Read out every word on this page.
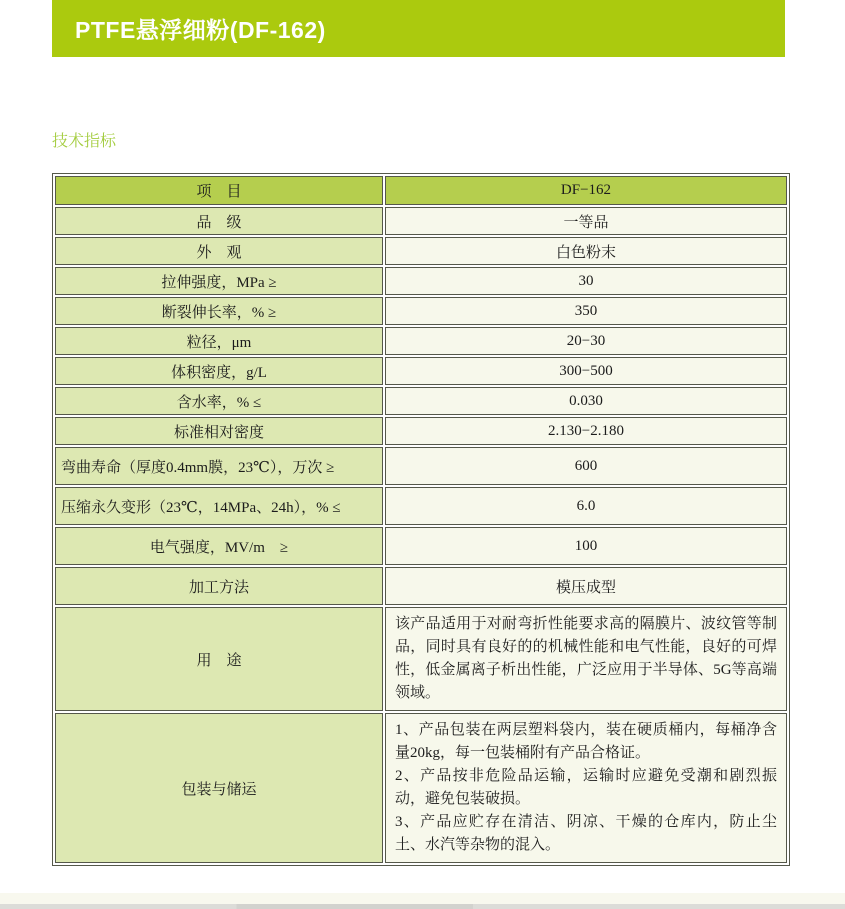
PTFE悬浮细粉(DF-162)
技术指标
项　目	DF−162
品　级	一等品
外　观	白色粉末
拉伸强度，MPa ≥	30
断裂伸长率，% ≥	350
粒径，μm	20−30
体积密度，g/L	300−500
含水率，% ≤	0.030
标准相对密度	2.130−2.180
弯曲寿命（厚度0.4mm膜，23℃），万次 ≥	600
压缩永久变形（23℃，14MPa、24h），% ≤	6.0
电气强度，MV/m　≥	100
加工方法	模压成型
用　途	该产品适用于对耐弯折性能要求高的隔膜片、波纹管等制品，同时具有良好的的机械性能和电气性能，良好的可焊性，低金属离子析出性能，广泛应用于半导体、5G等高端领域。

包装与储运	1、产品包装在两层塑料袋内，装在硬质桶内，每桶净含量20kg，每一包装桶附有产品合格证。
2、产品按非危险品运输，运输时应避免受潮和剧烈振动，避免包装破损。
3、产品应贮存在清洁、阴凉、干燥的仓库内，防止尘土、水汽等杂物的混入。
